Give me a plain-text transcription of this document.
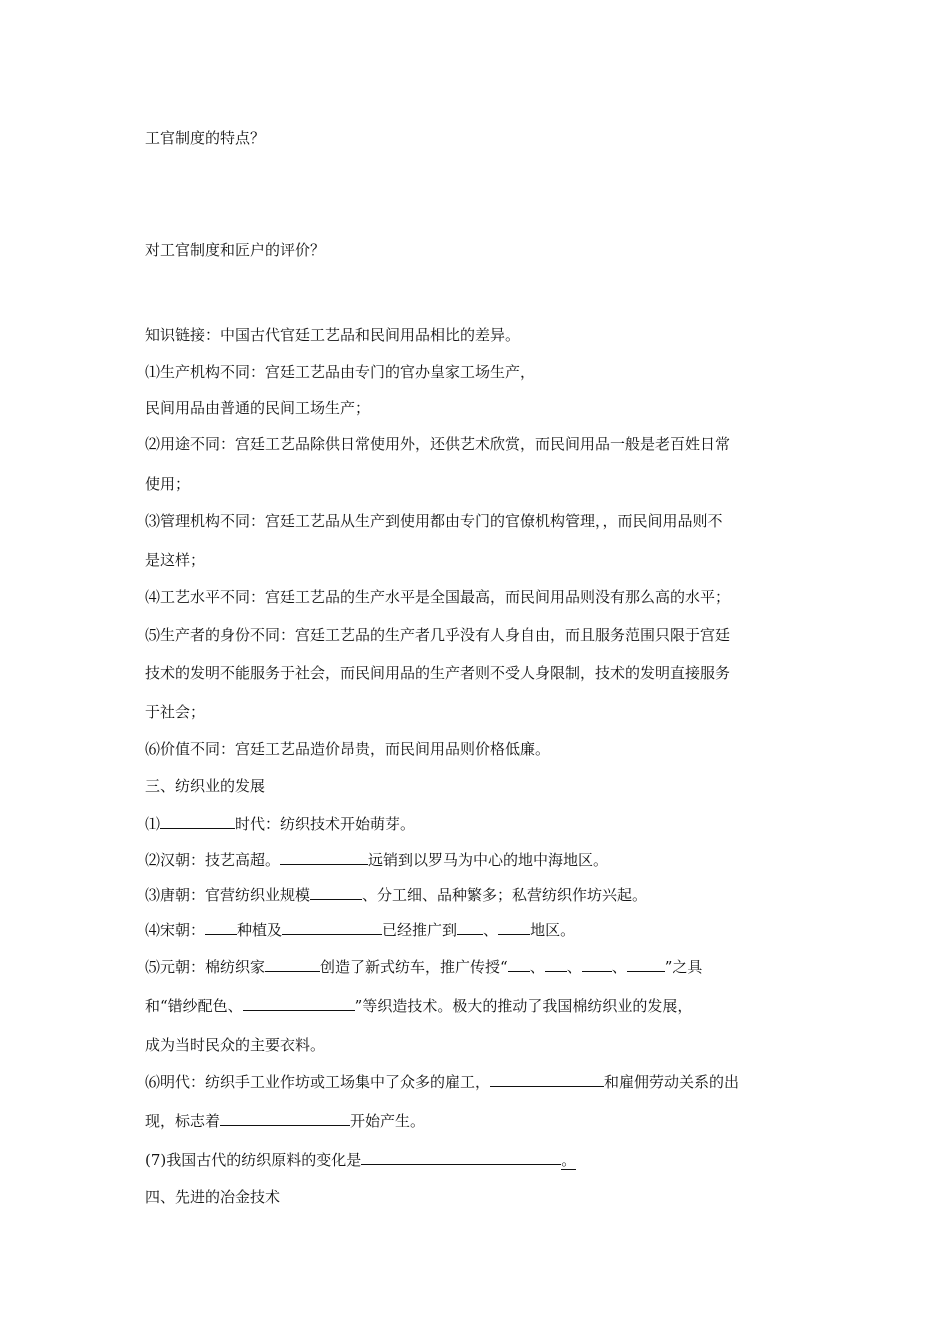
工官制度的特点？
对工官制度和匠户的评价？
知识链接：中国古代官廷工艺品和民间用品相比的差异。
⑴生产机构不同：宫廷工艺品由专门的官办皇家工场生产，
民间用品由普通的民间工场生产；
⑵用途不同：宫廷工艺品除供日常使用外，还供艺术欣赏，而民间用品一般是老百姓日常
使用；
⑶管理机构不同：宫廷工艺品从生产到使用都由专门的官僚机构管理，，而民间用品则不
是这样；
⑷工艺水平不同：宫廷工艺品的生产水平是全国最高，而民间用品则没有那么高的水平；
⑸生产者的身份不同：宫廷工艺品的生产者几乎没有人身自由，而且服务范围只限于宫廷
技术的发明不能服务于社会，而民间用品的生产者则不受人身限制，技术的发明直接服务
于社会；
⑹价值不同：宫廷工艺品造价昂贵，而民间用品则价格低廉。
三、纺织业的发展
⑴	时代：纺织技术开始萌芽。
⑵汉朝：技艺高超。	远销到以罗马为中心的地中海地区。
⑶唐朝：官营纺织业规模	、分工细、品种繁多；私营纺织作坊兴起。
⑷宋朝： 种植及	已经推广到 、 地区。
⑸元朝：棉纺织家	创造了新式纺车，推广传授“ 、 、 、	”之具
和“错纱配色、	”等织造技术。极大的推动了我国棉纺织业的发展，
成为当时民众的主要衣料。
⑹明代：纺织手工业作坊或工场集中了众多的雇工，	和雇佣劳动关系的出
现，标志着	开始产生。
(7)我国古代的纺织原料的变化是	。
四、先进的冶金技术
